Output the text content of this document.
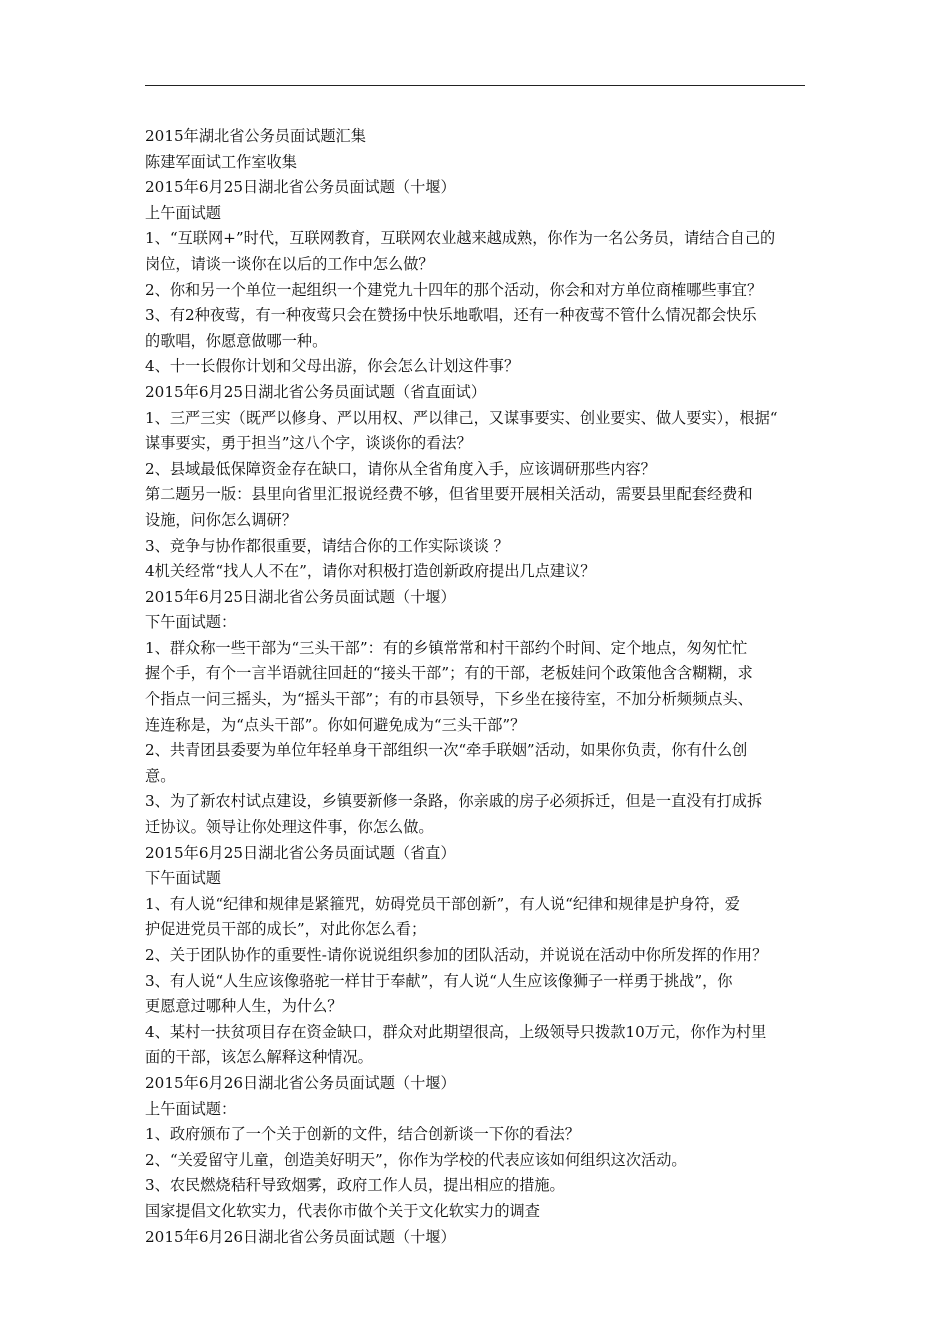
2015年湖北省公务员面试题汇集
陈建军面试工作室收集
2015年6月25日湖北省公务员面试题（十堰）
上午面试题
1、“互联网+”时代，互联网教育，互联网农业越来越成熟，你作为一名公务员，请结合自己的
岗位，请谈一谈你在以后的工作中怎么做？
2、你和另一个单位一起组织一个建党九十四年的那个活动，你会和对方单位商榷哪些事宜？
3、有2种夜莺，有一种夜莺只会在赞扬中快乐地歌唱，还有一种夜莺不管什么情况都会快乐
的歌唱，你愿意做哪一种。
4、十一长假你计划和父母出游，你会怎么计划这件事？
2015年6月25日湖北省公务员面试题（省直面试）
1、三严三实（既严以修身、严以用权、严以律己，又谋事要实、创业要实、做人要实），根据“
谋事要实，勇于担当”这八个字，谈谈你的看法？
2、县域最低保障资金存在缺口，请你从全省角度入手，应该调研那些内容？
第二题另一版：县里向省里汇报说经费不够，但省里要开展相关活动，需要县里配套经费和
设施，问你怎么调研？
3、竞争与协作都很重要，请结合你的工作实际谈谈 ？
4机关经常“找人人不在”，请你对积极打造创新政府提出几点建议？
2015年6月25日湖北省公务员面试题（十堰）
下午面试题：
1、群众称一些干部为“三头干部”：有的乡镇常常和村干部约个时间、定个地点，匆匆忙忙
握个手，有个一言半语就往回赶的“接头干部”；有的干部，老板娃问个政策他含含糊糊，求
个指点一问三摇头，为“摇头干部”；有的市县领导，下乡坐在接待室，不加分析频频点头、
连连称是，为“点头干部”。你如何避免成为“三头干部”？
2、共青团县委要为单位年轻单身干部组织一次“牵手联姻”活动，如果你负责，你有什么创
意。
3、为了新农村试点建设，乡镇要新修一条路，你亲戚的房子必须拆迁，但是一直没有打成拆
迁协议。领导让你处理这件事，你怎么做。
2015年6月25日湖北省公务员面试题（省直）
下午面试题
1、有人说“纪律和规律是紧箍咒，妨碍党员干部创新”，有人说“纪律和规律是护身符，爱
护促进党员干部的成长”，对此你怎么看；
2、关于团队协作的重要性-请你说说组织参加的团队活动，并说说在活动中你所发挥的作用？
3、有人说“人生应该像骆驼一样甘于奉献”，有人说“人生应该像狮子一样勇于挑战”，你
更愿意过哪种人生，为什么？
4、某村一扶贫项目存在资金缺口，群众对此期望很高，上级领导只拨款10万元，你作为村里
面的干部，该怎么解释这种情况。
2015年6月26日湖北省公务员面试题（十堰）
上午面试题：
1、政府颁布了一个关于创新的文件，结合创新谈一下你的看法？
2、“关爱留守儿童，创造美好明天”，你作为学校的代表应该如何组织这次活动。
3、农民燃烧秸秆导致烟雾，政府工作人员，提出相应的措施。
国家提倡文化软实力，代表你市做个关于文化软实力的调查
2015年6月26日湖北省公务员面试题（十堰）
